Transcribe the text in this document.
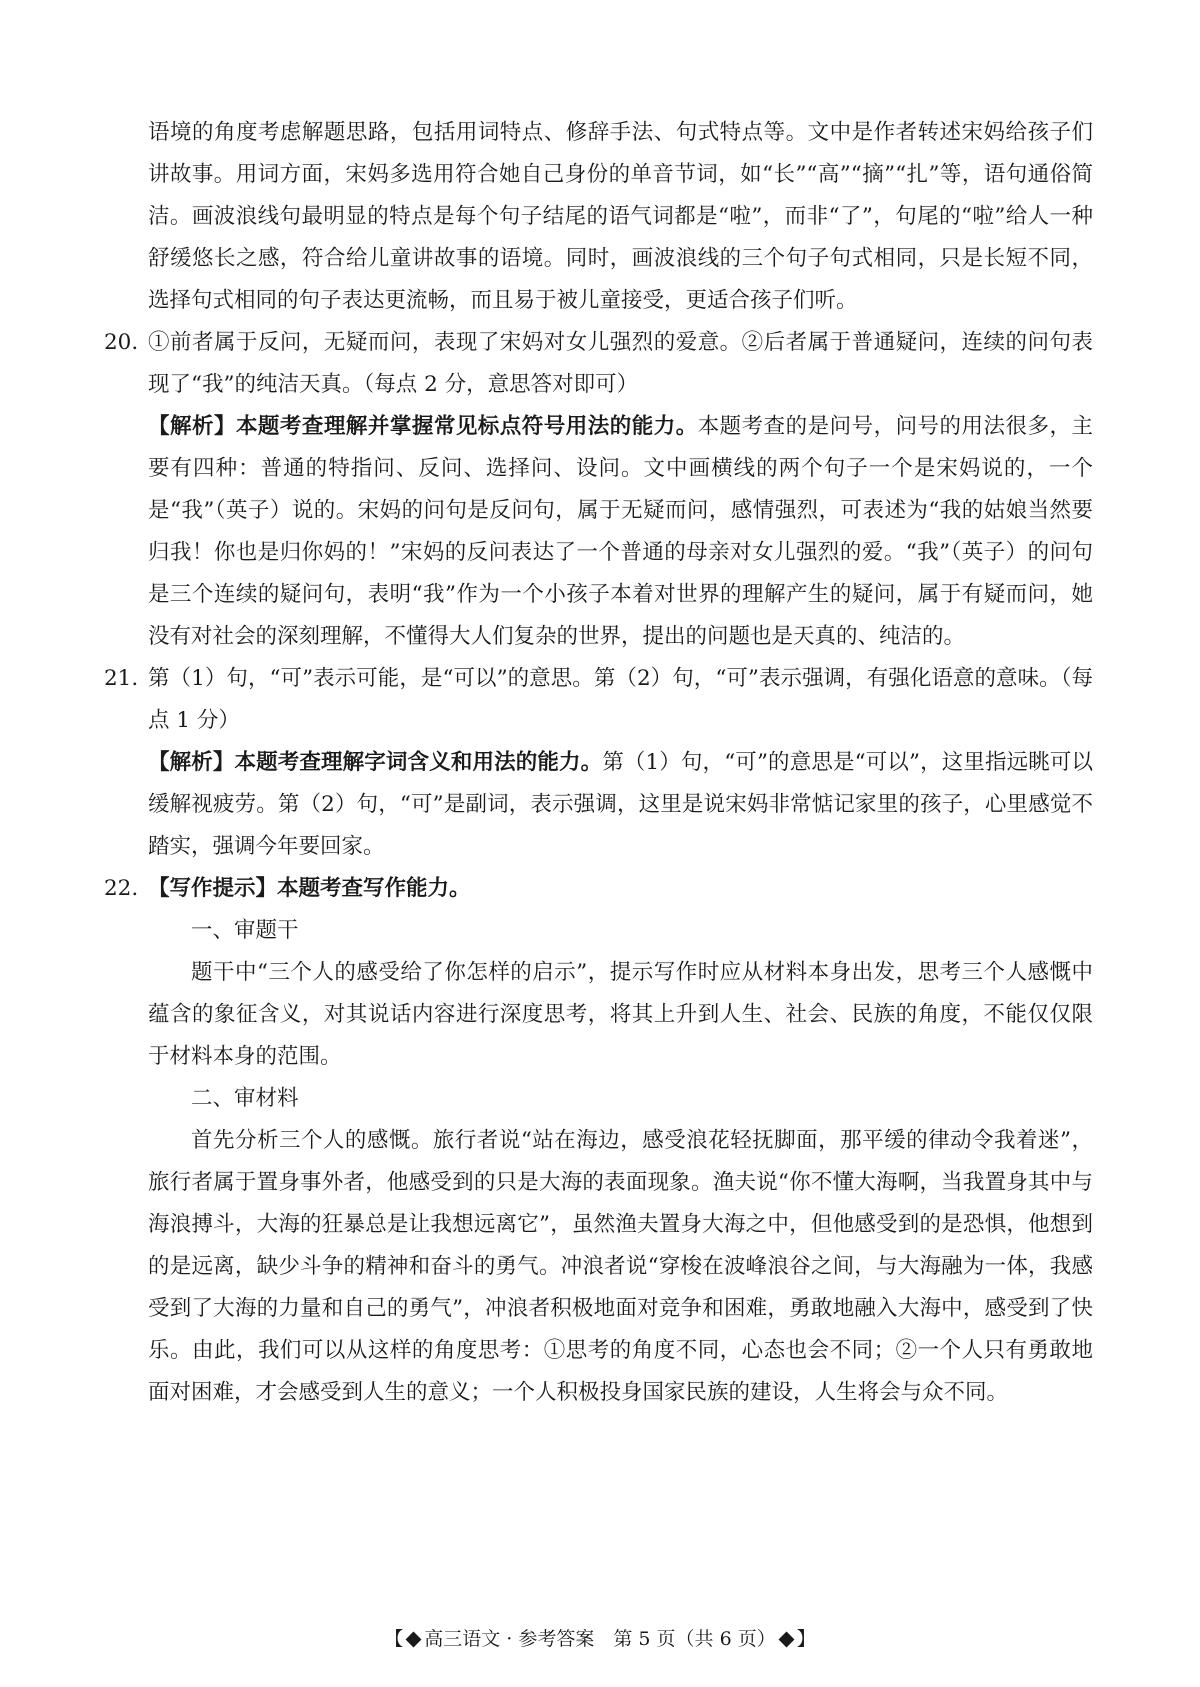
语境的角度考虑解题思路，包括用词特点、修辞手法、句式特点等。文中是作者转述宋妈给孩子们讲故事。用词方面，宋妈多选用符合她自己身份的单音节词，如“长”“高”“摘”“扎”等，语句通俗简洁。画波浪线句最明显的特点是每个句子结尾的语气词都是“啦”，而非“了”，句尾的“啦”给人一种舒缓悠长之感，符合给儿童讲故事的语境。同时，画波浪线的三个句子句式相同，只是长短不同，选择句式相同的句子表达更流畅，而且易于被儿童接受，更适合孩子们听。

20. ①前者属于反问，无疑而问，表现了宋妈对女儿强烈的爱意。②后者属于普通疑问，连续的问句表现了“我”的纯洁天真。（每点 2 分，意思答对即可）

【解析】本题考查理解并掌握常见标点符号用法的能力。本题考查的是问号，问号的用法很多，主要有四种：普通的特指问、反问、选择问、设问。文中画横线的两个句子一个是宋妈说的，一个是“我”（英子）说的。宋妈的问句是反问句，属于无疑而问，感情强烈，可表述为“我的姑娘当然要归我！你也是归你妈的！”宋妈的反问表达了一个普通的母亲对女儿强烈的爱。“我”（英子）的问句是三个连续的疑问句，表明“我”作为一个小孩子本着对世界的理解产生的疑问，属于有疑而问，她没有对社会的深刻理解，不懂得大人们复杂的世界，提出的问题也是天真的、纯洁的。

21. 第（1）句，“可”表示可能，是“可以”的意思。第（2）句，“可”表示强调，有强化语意的意味。（每点 1 分）

【解析】本题考查理解字词含义和用法的能力。第（1）句，“可”的意思是“可以”，这里指远眺可以缓解视疲劳。第（2）句，“可”是副词，表示强调，这里是说宋妈非常惦记家里的孩子，心里感觉不踏实，强调今年要回家。

22. 【写作提示】本题考查写作能力。

一、审题干

题干中“三个人的感受给了你怎样的启示”，提示写作时应从材料本身出发，思考三个人感慨中蕴含的象征含义，对其说话内容进行深度思考，将其上升到人生、社会、民族的角度，不能仅仅限于材料本身的范围。

二、审材料

首先分析三个人的感慨。旅行者说“站在海边，感受浪花轻抚脚面，那平缓的律动令我着迷”，旅行者属于置身事外者，他感受到的只是大海的表面现象。渔夫说“你不懂大海啊，当我置身其中与海浪搏斗，大海的狂暴总是让我想远离它”，虽然渔夫置身大海之中，但他感受到的是恐惧，他想到的是远离，缺少斗争的精神和奋斗的勇气。冲浪者说“穿梭在波峰浪谷之间，与大海融为一体，我感受到了大海的力量和自己的勇气”，冲浪者积极地面对竞争和困难，勇敢地融入大海中，感受到了快乐。由此，我们可以从这样的角度思考：①思考的角度不同，心态也会不同；②一个人只有勇敢地面对困难，才会感受到人生的意义；一个人积极投身国家民族的建设，人生将会与众不同。

【 高三语文 · 参考答案　第 5 页（共 6 页） 】
